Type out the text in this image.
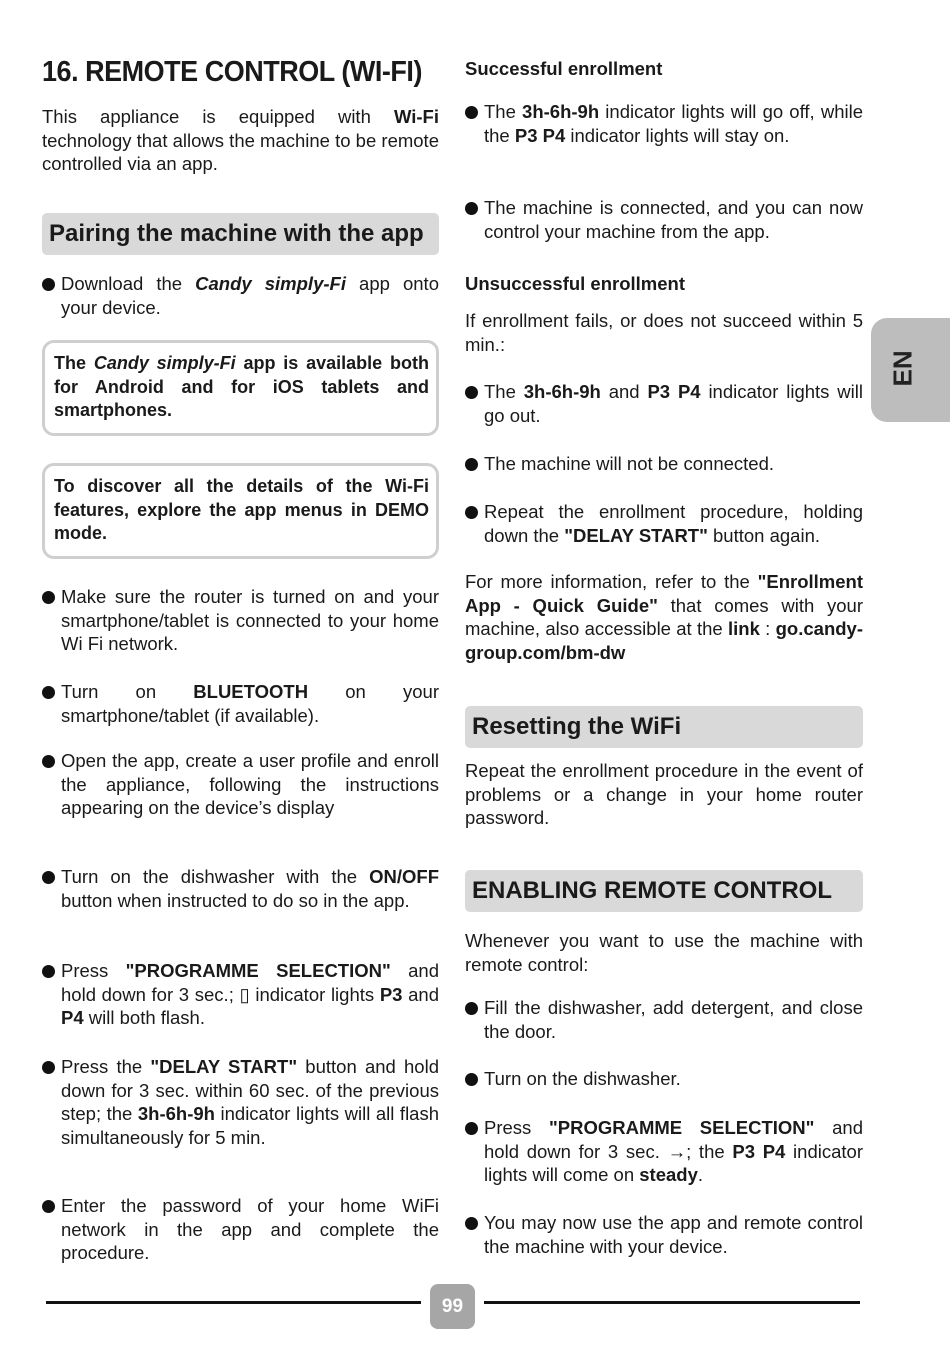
16. REMOTE CONTROL (WI-FI)

This appliance is equipped with Wi-Fi technology that allows the machine to be remote controlled via an app.

Pairing the machine with the app
Download the Candy simply-Fi app onto your device.
The Candy simply-Fi app is available both for Android and for iOS tablets and smartphones.
To discover all the details of the Wi-Fi features, explore the app menus in DEMO mode.
Make sure the router is turned on and your smartphone/tablet is connected to your home Wi Fi network.
Turn on BLUETOOTH on your smartphone/tablet (if available).
Open the app, create a user profile and enroll the appliance, following the instructions appearing on the device’s display
Turn on the dishwasher with the ON/OFF button when instructed to do so in the app.
Press "PROGRAMME SELECTION" and hold down for 3 sec.; ▯ indicator lights P3 and P4 will both flash.
Press the "DELAY START" button and hold down for 3 sec. within 60 sec. of the previous step; the 3h-6h-9h indicator lights will all flash simultaneously for 5 min.
Enter the password of your home WiFi network in the app and complete the procedure.
Successful enrollment
The 3h-6h-9h indicator lights will go off, while the P3 P4 indicator lights will stay on.
The machine is connected, and you can now control your machine from the app.
Unsuccessful enrollment

If enrollment fails, or does not succeed within 5 min.:

The 3h-6h-9h and P3 P4 indicator lights will go out.
The machine will not be connected.
Repeat the enrollment procedure, holding down the "DELAY START" button again.

For more information, refer to the "Enrollment App - Quick Guide" that comes with your machine, also accessible at the link : go.candy-group.com/bm-dw

Resetting the WiFi

Repeat the enrollment procedure in the event of problems or a change in your home router password.

ENABLING REMOTE CONTROL

Whenever you want to use the machine with remote control:

Fill the dishwasher, add detergent, and close the door.
Turn on the dishwasher.
Press "PROGRAMME SELECTION" and hold down for 3 sec. →; the P3 P4 indicator lights will come on steady.
You may now use the app and remote control the machine with your device.
EN
99
